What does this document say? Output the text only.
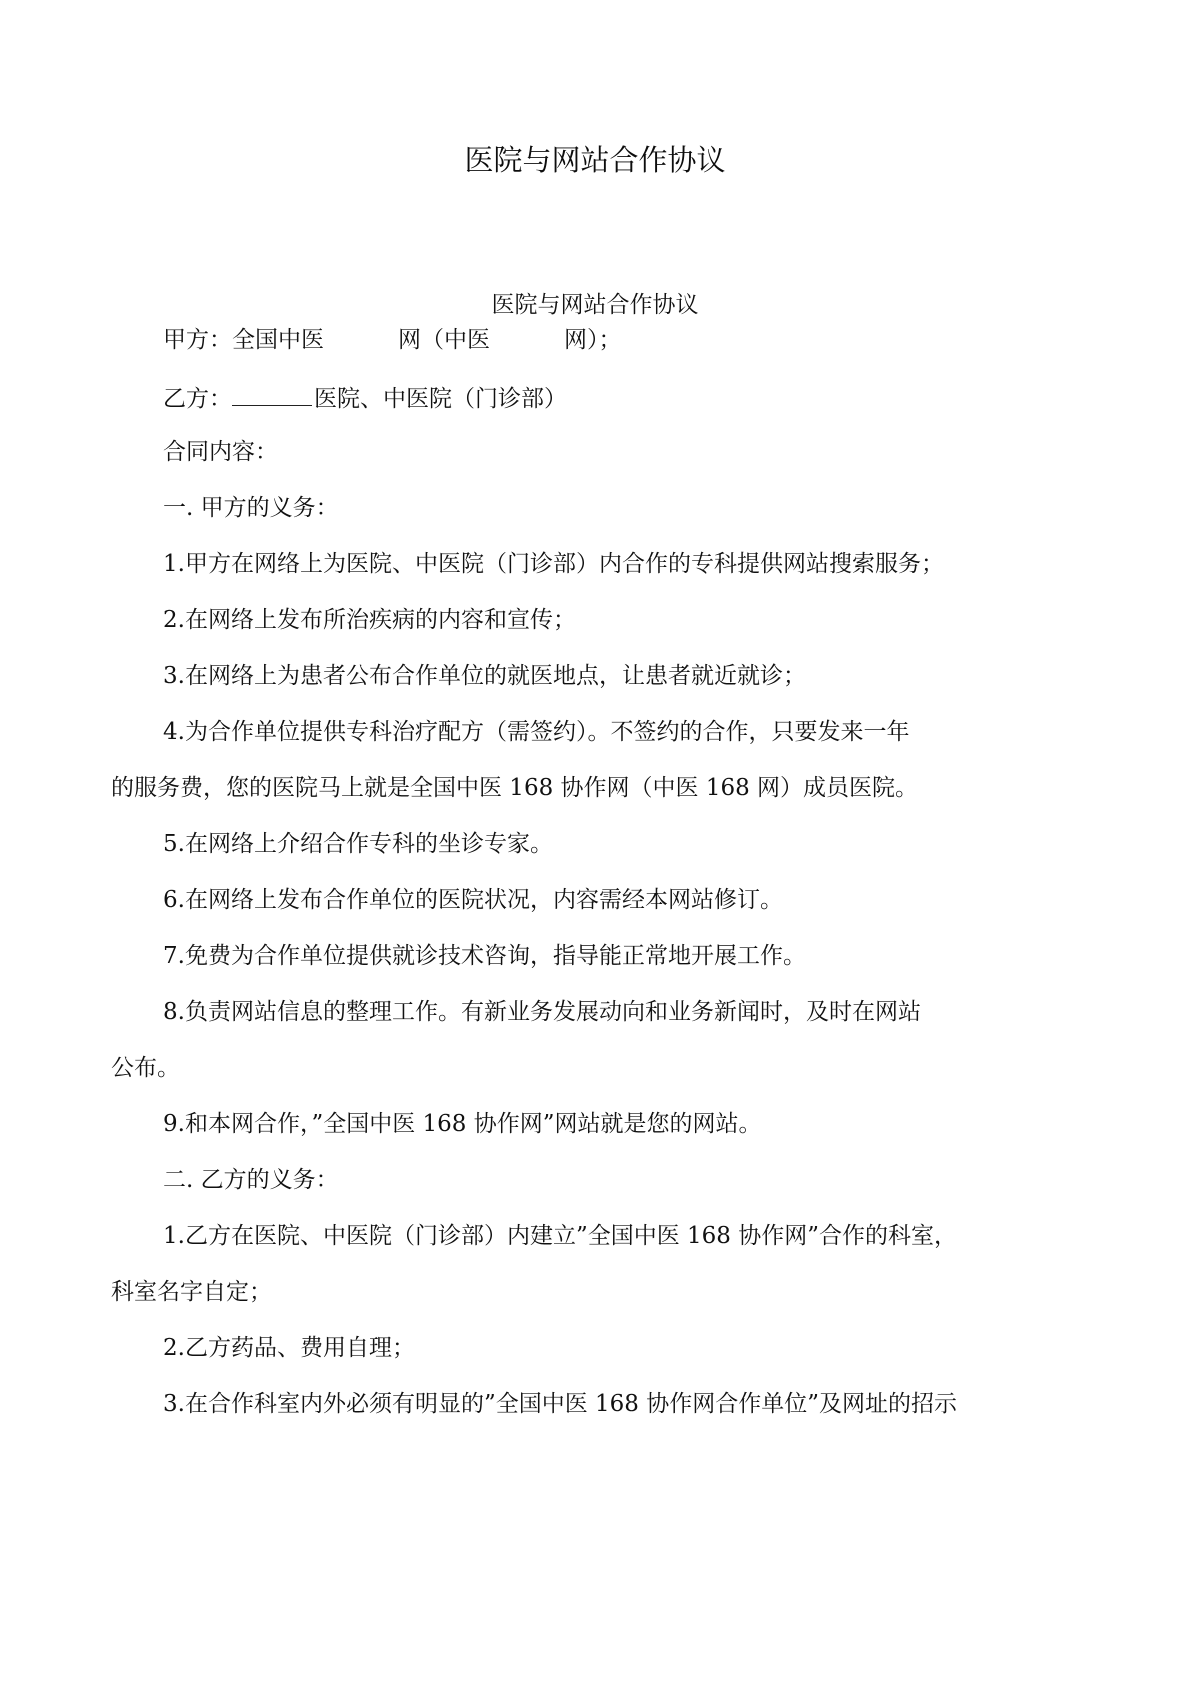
医院与网站合作协议
医院与网站合作协议
甲方：全国中医	网（中医	网）；
乙方：	医院、中医院（门诊部）
合同内容：
一. 甲方的义务：
1.甲方在网络上为医院、中医院（门诊部）内合作的专科提供网站搜索服务；
2.在网络上发布所治疾病的内容和宣传；
3.在网络上为患者公布合作单位的就医地点，让患者就近就诊；
4.为合作单位提供专科治疗配方（需签约）。不签约的合作，只要发来一年
的服务费，您的医院马上就是全国中医 168 协作网（中医 168 网）成员医院。
5.在网络上介绍合作专科的坐诊专家。
6.在网络上发布合作单位的医院状况，内容需经本网站修订。
7.免费为合作单位提供就诊技术咨询，指导能正常地开展工作。
8.负责网站信息的整理工作。有新业务发展动向和业务新闻时，及时在网站
公布。
9.和本网合作，”全国中医 168 协作网”网站就是您的网站。
二. 乙方的义务：
1.乙方在医院、中医院（门诊部）内建立”全国中医 168 协作网”合作的科室，
科室名字自定；
2.乙方药品、费用自理；
3.在合作科室内外必须有明显的”全国中医 168 协作网合作单位”及网址的招示
